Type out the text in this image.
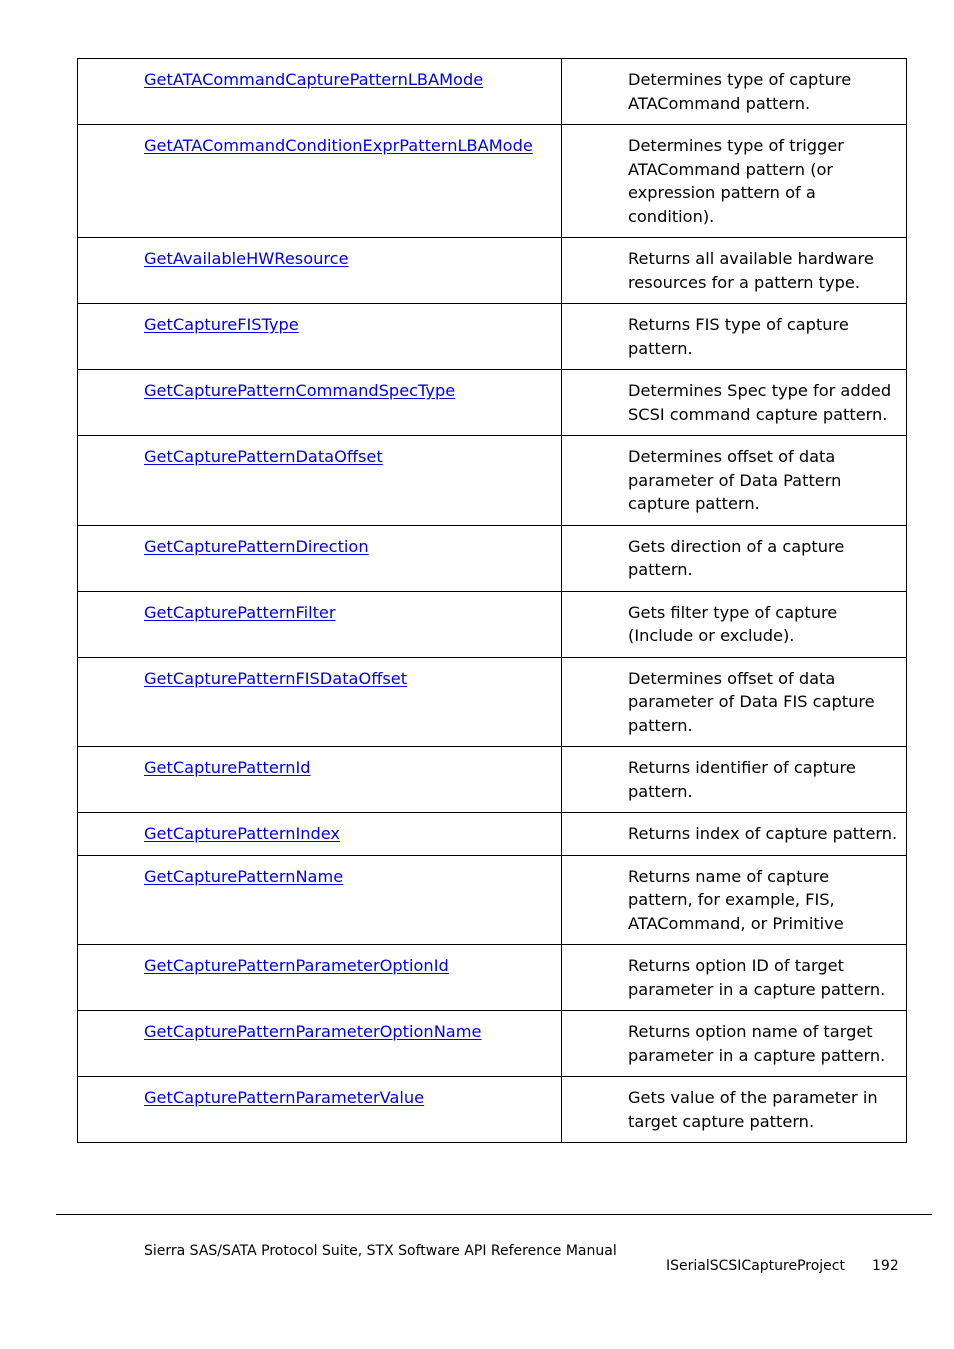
GetATACommandCapturePatternLBAMode	Determines type of capture ATACommand pattern.
GetATACommandConditionExprPatternLBAMode	Determines type of trigger ATACommand pattern (or expression pattern of a condition).
GetAvailableHWResource	Returns all available hardware resources for a pattern type.
GetCaptureFISType	Returns FIS type of capture pattern.
GetCapturePatternCommandSpecType	Determines Spec type for added SCSI command capture pattern.
GetCapturePatternDataOffset	Determines offset of data parameter of Data Pattern capture pattern.
GetCapturePatternDirection	Gets direction of a capture pattern.
GetCapturePatternFilter	Gets filter type of capture (Include or exclude).
GetCapturePatternFISDataOffset	Determines offset of data parameter of Data FIS capture pattern.
GetCapturePatternId	Returns identifier of capture pattern.
GetCapturePatternIndex	Returns index of capture pattern.
GetCapturePatternName	Returns name of capture pattern, for example, FIS, ATACommand, or Primitive
GetCapturePatternParameterOptionId	Returns option ID of target parameter in a capture pattern.
GetCapturePatternParameterOptionName	Returns option name of target parameter in a capture pattern.
GetCapturePatternParameterValue	Gets value of the parameter in target capture pattern.
Sierra SAS/SATA Protocol Suite, STX Software API Reference Manual
ISerialSCSICaptureProject 192
